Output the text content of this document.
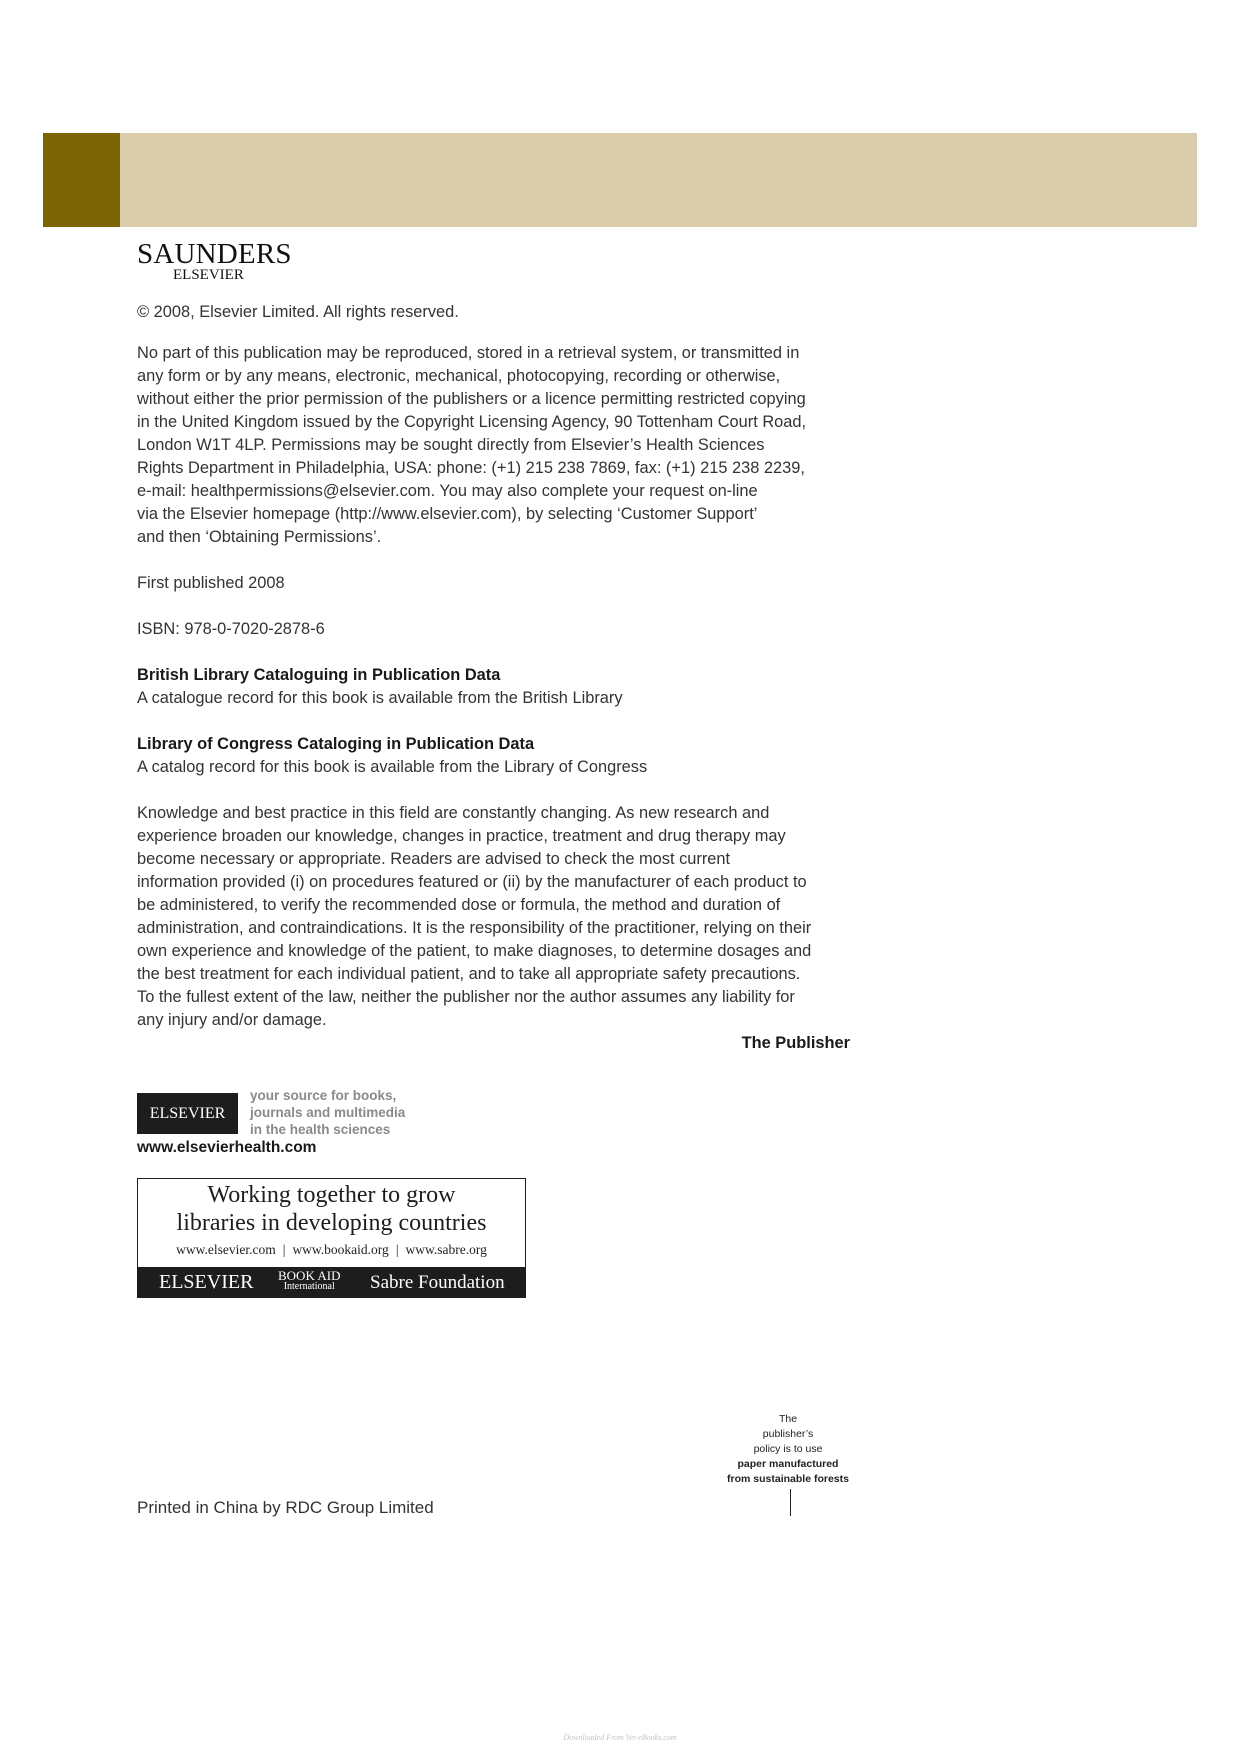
SAUNDERS
ELSEVIER

© 2008, Elsevier Limited. All rights reserved.

No part of this publication may be reproduced, stored in a retrieval system, or transmitted in
any form or by any means, electronic, mechanical, photocopying, recording or otherwise,
without either the prior permission of the publishers or a licence permitting restricted copying
in the United Kingdom issued by the Copyright Licensing Agency, 90 Tottenham Court Road,
London W1T 4LP. Permissions may be sought directly from Elsevier’s Health Sciences
Rights Department in Philadelphia, USA: phone: (+1) 215 238 7869, fax: (+1) 215 238 2239,
e-mail: healthpermissions@elsevier.com. You may also complete your request on-line
via the Elsevier homepage (http://www.elsevier.com), by selecting ‘Customer Support’
and then ‘Obtaining Permissions’.

First published 2008

ISBN: 978-0-7020-2878-6

British Library Cataloguing in Publication Data

A catalogue record for this book is available from the British Library

Library of Congress Cataloging in Publication Data

A catalog record for this book is available from the Library of Congress

Knowledge and best practice in this field are constantly changing. As new research and
experience broaden our knowledge, changes in practice, treatment and drug therapy may
become necessary or appropriate. Readers are advised to check the most current
information provided (i) on procedures featured or (ii) by the manufacturer of each product to
be administered, to verify the recommended dose or formula, the method and duration of
administration, and contraindications. It is the responsibility of the practitioner, relying on their
own experience and knowledge of the patient, to make diagnoses, to determine dosages and
the best treatment for each individual patient, and to take all appropriate safety precautions.
To the fullest extent of the law, neither the publisher nor the author assumes any liability for
any injury and/or damage.

The Publisher

ELSEVIER
your source for books,
journals and multimedia
in the health sciences
www.elsevierhealth.com
Working together to grow
libraries in developing countries
www.elsevier.com | www.bookaid.org | www.sabre.org
ELSEVIER BOOK AID
International	Sabre Foundation
The
publisher’s
policy is to use
paper manufactured
from sustainable forests
Printed in China by RDC Group Limited
Downloaded From Vet-eBooks.com
